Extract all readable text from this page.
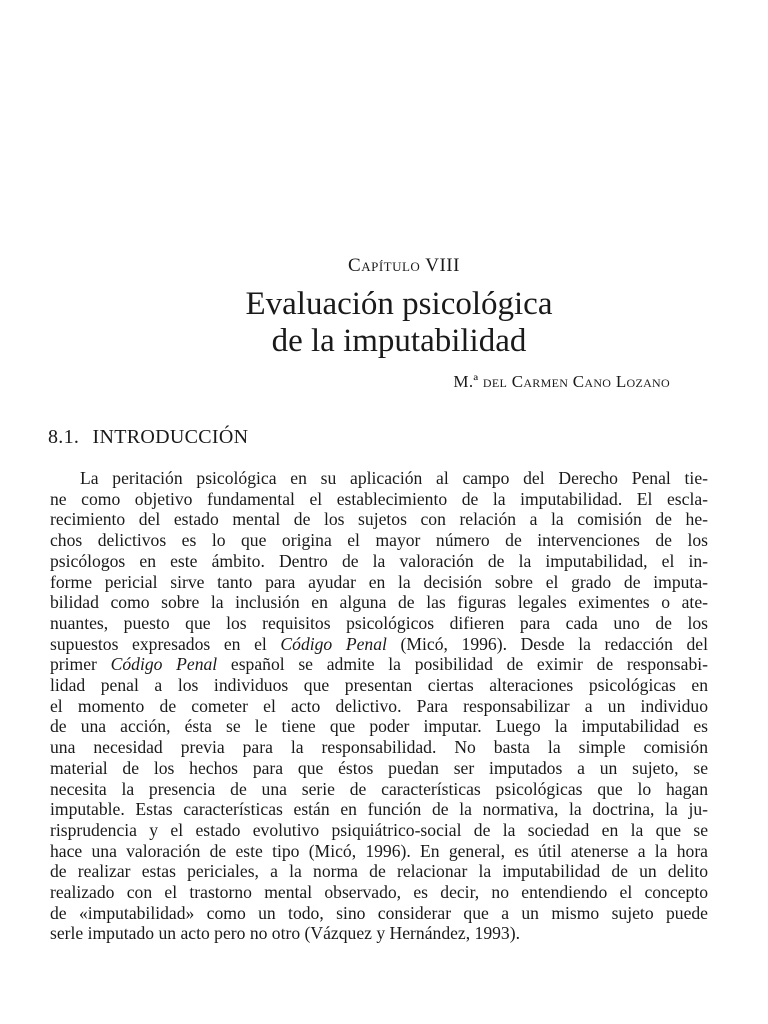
Capítulo VIII
Evaluación psicológica
de la imputabilidad
M.ª del Carmen Cano Lozano
8.1. INTRODUCCIÓN
La peritación psicológica en su aplicación al campo del Derecho Penal tie-
ne como objetivo fundamental el establecimiento de la imputabilidad. El escla-
recimiento del estado mental de los sujetos con relación a la comisión de he-
chos delictivos es lo que origina el mayor número de intervenciones de los
psicólogos en este ámbito. Dentro de la valoración de la imputabilidad, el in-
forme pericial sirve tanto para ayudar en la decisión sobre el grado de imputa-
bilidad como sobre la inclusión en alguna de las figuras legales eximentes o ate-
nuantes, puesto que los requisitos psicológicos difieren para cada uno de los
supuestos expresados en el Código Penal (Micó, 1996). Desde la redacción del
primer Código Penal español se admite la posibilidad de eximir de responsabi-
lidad penal a los individuos que presentan ciertas alteraciones psicológicas en
el momento de cometer el acto delictivo. Para responsabilizar a un individuo
de una acción, ésta se le tiene que poder imputar. Luego la imputabilidad es
una necesidad previa para la responsabilidad. No basta la simple comisión
material de los hechos para que éstos puedan ser imputados a un sujeto, se
necesita la presencia de una serie de características psicológicas que lo hagan
imputable. Estas características están en función de la normativa, la doctrina, la ju-
risprudencia y el estado evolutivo psiquiátrico-social de la sociedad en la que se
hace una valoración de este tipo (Micó, 1996). En general, es útil atenerse a la hora
de realizar estas periciales, a la norma de relacionar la imputabilidad de un delito
realizado con el trastorno mental observado, es decir, no entendiendo el concepto
de «imputabilidad» como un todo, sino considerar que a un mismo sujeto puede
serle imputado un acto pero no otro (Vázquez y Hernández, 1993).
